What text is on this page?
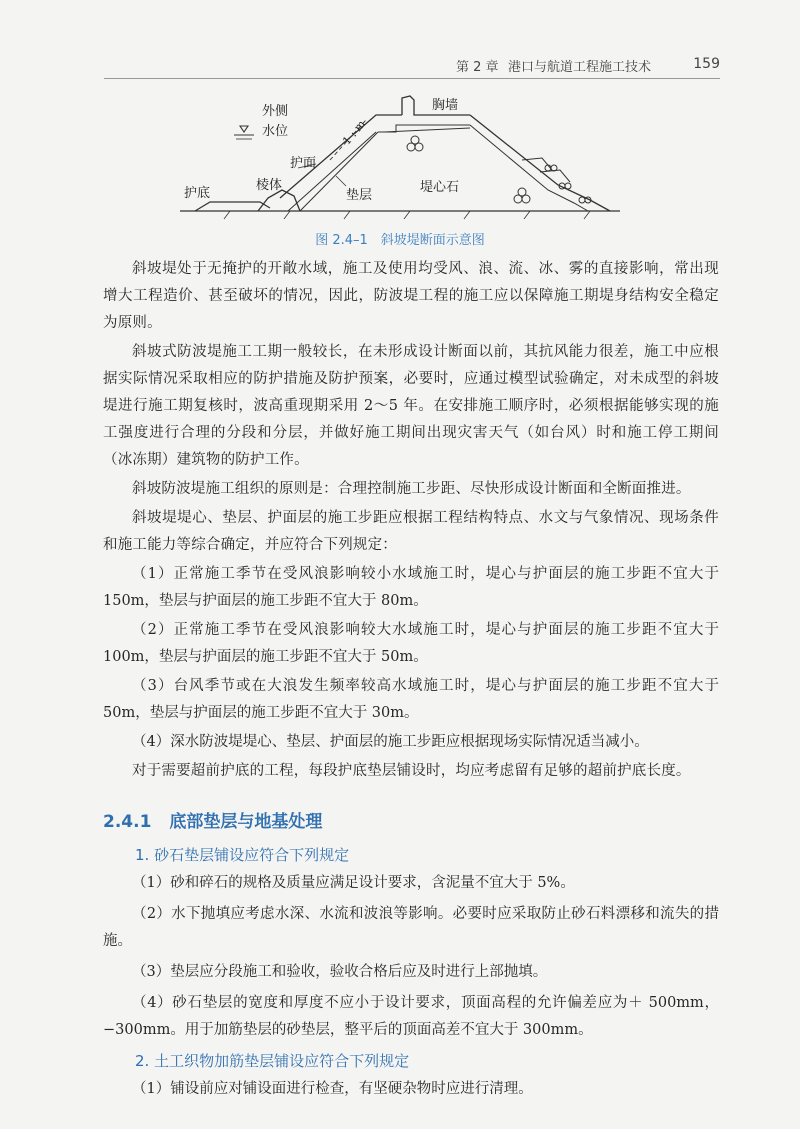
第 2 章 港口与航道工程施工技术	159
外侧
水位
胸墙
护面
1 : m
棱体
护底	垫层
堤心石
图 2.4–1　斜坡堤断面示意图

斜坡堤处于无掩护的开敞水域，施工及使用均受风、浪、流、冰、雾的直接影响，常出现增大工程造价、甚至破坏的情况，因此，防波堤工程的施工应以保障施工期堤身结构安全稳定为原则。

斜坡式防波堤施工工期一般较长，在未形成设计断面以前，其抗风能力很差，施工中应根据实际情况采取相应的防护措施及防护预案，必要时，应通过模型试验确定，对未成型的斜坡堤进行施工期复核时，波高重现期采用 2～5 年。在安排施工顺序时，必须根据能够实现的施工强度进行合理的分段和分层，并做好施工期间出现灾害天气（如台风）时和施工停工期间（冰冻期）建筑物的防护工作。

斜坡防波堤施工组织的原则是：合理控制施工步距、尽快形成设计断面和全断面推进。

斜坡堤堤心、垫层、护面层的施工步距应根据工程结构特点、水文与气象情况、现场条件和施工能力等综合确定，并应符合下列规定：

（1）正常施工季节在受风浪影响较小水域施工时，堤心与护面层的施工步距不宜大于 150m，垫层与护面层的施工步距不宜大于 80m。

（2）正常施工季节在受风浪影响较大水域施工时，堤心与护面层的施工步距不宜大于 100m，垫层与护面层的施工步距不宜大于 50m。

（3）台风季节或在大浪发生频率较高水域施工时，堤心与护面层的施工步距不宜大于 50m，垫层与护面层的施工步距不宜大于 30m。

（4）深水防波堤堤心、垫层、护面层的施工步距应根据现场实际情况适当减小。

对于需要超前护底的工程，每段护底垫层铺设时，均应考虑留有足够的超前护底长度。

2.4.1 底部垫层与地基处理
1. 砂石垫层铺设应符合下列规定

（1）砂和碎石的规格及质量应满足设计要求，含泥量不宜大于 5%。

（2）水下抛填应考虑水深、水流和波浪等影响。必要时应采取防止砂石料漂移和流失的措施。

（3）垫层应分段施工和验收，验收合格后应及时进行上部抛填。

（4）砂石垫层的宽度和厚度不应小于设计要求，顶面高程的允许偏差应为＋ 500mm，−300mm。用于加筋垫层的砂垫层，整平后的顶面高差不宜大于 300mm。

2. 土工织物加筋垫层铺设应符合下列规定

（1）铺设前应对铺设面进行检查，有坚硬杂物时应进行清理。
